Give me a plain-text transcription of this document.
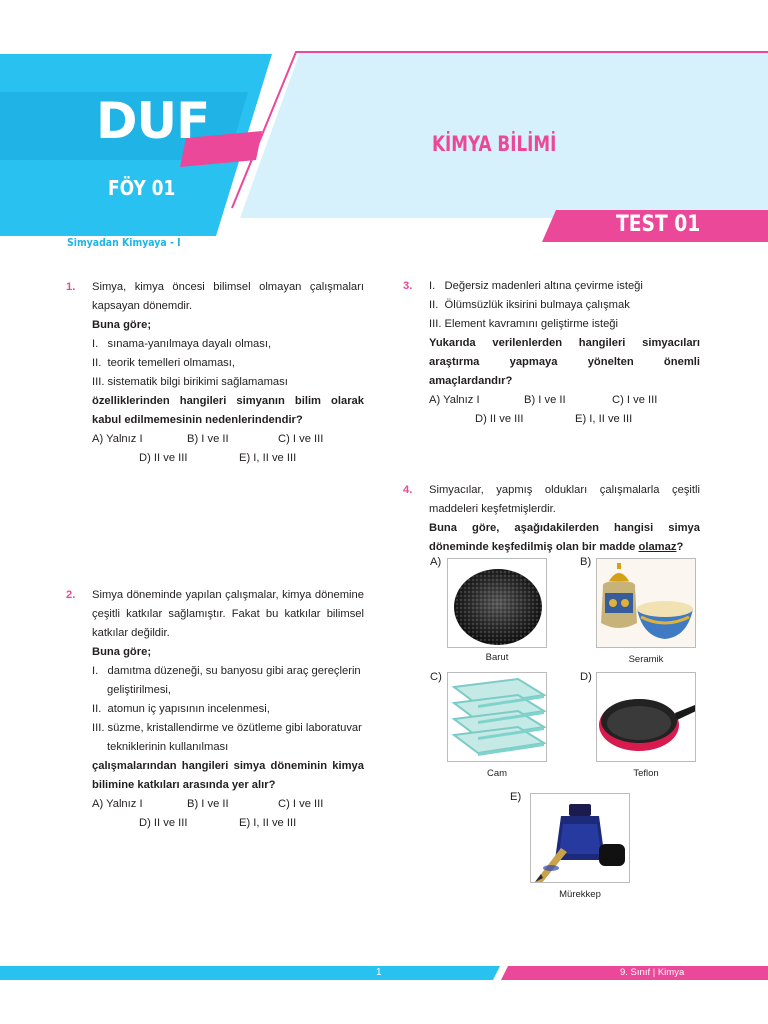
DUF
FÖY 01
KİMYA BİLİMİ
TEST 01
Simyadan Kimyaya - I
1. Simya, kimya öncesi bilimsel olmayan çalışmaları kapsayan dönemdir.

Buna göre;

I.   sınama-yanılmaya dayalı olması,

II.  teorik temelleri olmaması,

III. sistematik bilgi birikimi sağlamaması

özelliklerinden hangileri simyanın bilim olarak kabul edilmemesinin nedenlerindendir?

A) Yalnız I	B) I ve II	C) I ve III
D) II ve III	E) I, II ve III
2. Simya döneminde yapılan çalışmalar, kimya dönemine çeşitli katkılar sağlamıştır. Fakat bu katkılar bilimsel katkılar değildir.

Buna göre;

I.   damıtma düzeneği, su banyosu gibi araç gereçlerin geliştirilmesi,

II.  atomun iç yapısının incelenmesi,

III. süzme, kristallendirme ve özütleme gibi laboratuvar tekniklerinin kullanılması

çalışmalarından hangileri simya döneminin kimya bilimine katkıları arasında yer alır?

A) Yalnız I	B) I ve II	C) I ve III
D) II ve III	E) I, II ve III
3. I.   Değersiz madenleri altına çevirme isteği

II.  Ölümsüzlük iksirini bulmaya çalışmak

III. Element kavramını geliştirme isteği

Yukarıda verilenlerden hangileri simyacıları araştırma yapmaya yönelten önemli amaçlardandır?

A) Yalnız I	B) I ve II	C) I ve III
D) II ve III	E) I, II ve III
4. Simyacılar, yapmış oldukları çalışmalarla çeşitli maddeleri keşfetmişlerdir.

Buna göre, aşağıdakilerden hangisi simya döneminde keşfedilmiş olan bir madde olamaz?

A)	B)
C)	D)
E)
Barut	Seramik
Cam	Teflon
Mürekkep
1	9. Sınıf | Kimya
